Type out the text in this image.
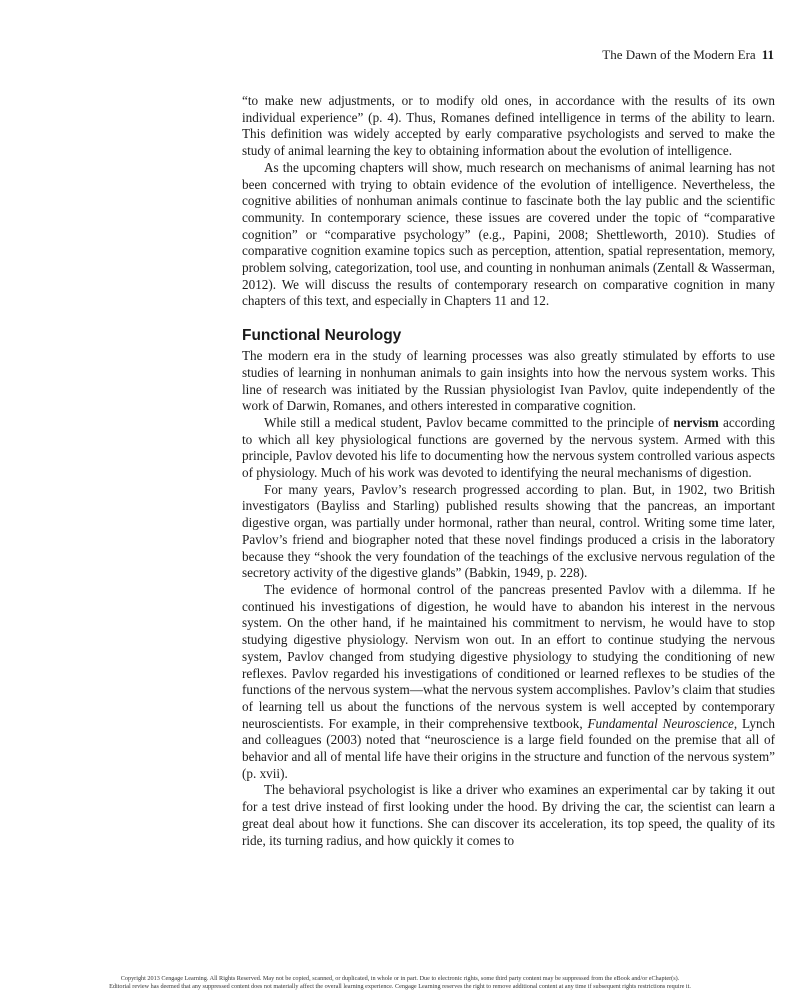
The Dawn of the Modern Era 11

“to make new adjustments, or to modify old ones, in accordance with the results of its own individual experience” (p. 4). Thus, Romanes defined intelligence in terms of the ability to learn. This definition was widely accepted by early comparative psychologists and served to make the study of animal learning the key to obtaining information about the evolution of intelligence.

As the upcoming chapters will show, much research on mechanisms of animal learning has not been concerned with trying to obtain evidence of the evolution of intelligence. Nevertheless, the cognitive abilities of nonhuman animals continue to fascinate both the lay public and the scientific community. In contemporary science, these issues are covered under the topic of “comparative cognition” or “comparative psychology” (e.g., Papini, 2008; Shettleworth, 2010). Studies of comparative cognition examine topics such as perception, attention, spatial representation, memory, problem solving, categorization, tool use, and counting in nonhuman animals (Zentall & Wasserman, 2012). We will discuss the results of contemporary research on comparative cognition in many chapters of this text, and especially in Chapters 11 and 12.

Functional Neurology

The modern era in the study of learning processes was also greatly stimulated by efforts to use studies of learning in nonhuman animals to gain insights into how the nervous system works. This line of research was initiated by the Russian physiologist Ivan Pavlov, quite independently of the work of Darwin, Romanes, and others interested in comparative cognition.

While still a medical student, Pavlov became committed to the principle of nervism according to which all key physiological functions are governed by the nervous system. Armed with this principle, Pavlov devoted his life to documenting how the nervous system controlled various aspects of physiology. Much of his work was devoted to identifying the neural mechanisms of digestion.

For many years, Pavlov’s research progressed according to plan. But, in 1902, two British investigators (Bayliss and Starling) published results showing that the pancreas, an important digestive organ, was partially under hormonal, rather than neural, control. Writing some time later, Pavlov’s friend and biographer noted that these novel findings produced a crisis in the laboratory because they “shook the very foundation of the teachings of the exclusive nervous regulation of the secretory activity of the digestive glands” (Babkin, 1949, p. 228).

The evidence of hormonal control of the pancreas presented Pavlov with a dilemma. If he continued his investigations of digestion, he would have to abandon his interest in the nervous system. On the other hand, if he maintained his commitment to nervism, he would have to stop studying digestive physiology. Nervism won out. In an effort to continue studying the nervous system, Pavlov changed from studying digestive physiology to studying the conditioning of new reflexes. Pavlov regarded his investigations of conditioned or learned reflexes to be studies of the functions of the nervous system—what the nervous system accomplishes. Pavlov’s claim that studies of learning tell us about the functions of the nervous system is well accepted by contemporary neuroscientists. For example, in their comprehensive textbook, Fundamental Neuroscience, Lynch and colleagues (2003) noted that “neuroscience is a large field founded on the premise that all of behavior and all of mental life have their origins in the structure and function of the nervous system” (p. xvii).

The behavioral psychologist is like a driver who examines an experimental car by taking it out for a test drive instead of first looking under the hood. By driving the car, the scientist can learn a great deal about how it functions. She can discover its acceleration, its top speed, the quality of its ride, its turning radius, and how quickly it comes to

Copyright 2013 Cengage Learning. All Rights Reserved. May not be copied, scanned, or duplicated, in whole or in part. Due to electronic rights, some third party content may be suppressed from the eBook and/or eChapter(s).
Editorial review has deemed that any suppressed content does not materially affect the overall learning experience. Cengage Learning reserves the right to remove additional content at any time if subsequent rights restrictions require it.
